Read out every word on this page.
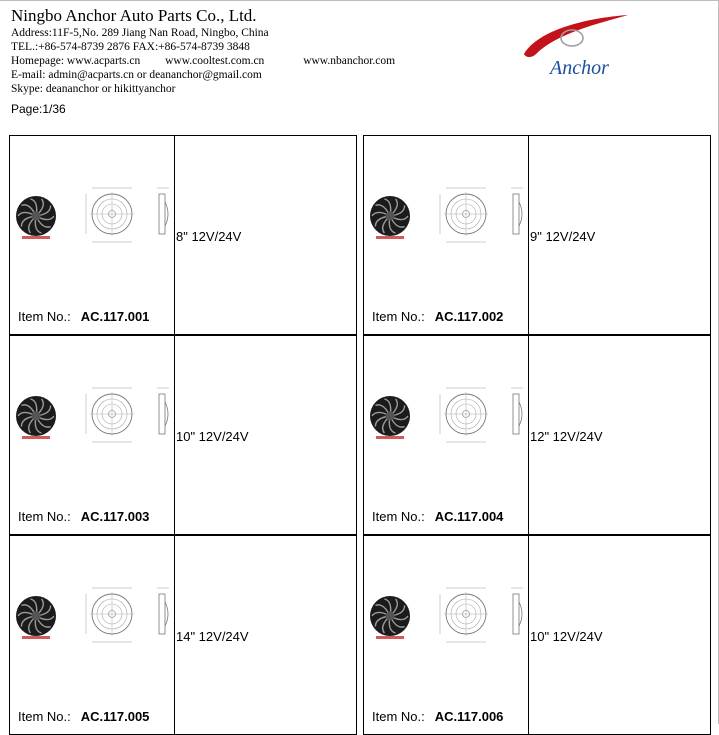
Ningbo Anchor Auto Parts Co., Ltd.
Address:11F-5,No. 289 Jiang Nan Road, Ningbo, China
TEL.:+86-574-8739 2876 FAX:+86-574-8739 3848
Homepage: www.acparts.cn www.cooltest.com.cn	www.nbanchor.com
E-mail: admin@acparts.cn or deananchor@gmail.com
Skype: deananchor or hikittyanchor
Page:1/36
Anchor
8" 12V/24V
Item No.: AC.117.001
9" 12V/24V
Item No.: AC.117.002
10" 12V/24V
Item No.: AC.117.003
12" 12V/24V
Item No.: AC.117.004
14" 12V/24V
Item No.: AC.117.005
10" 12V/24V
Item No.: AC.117.006
